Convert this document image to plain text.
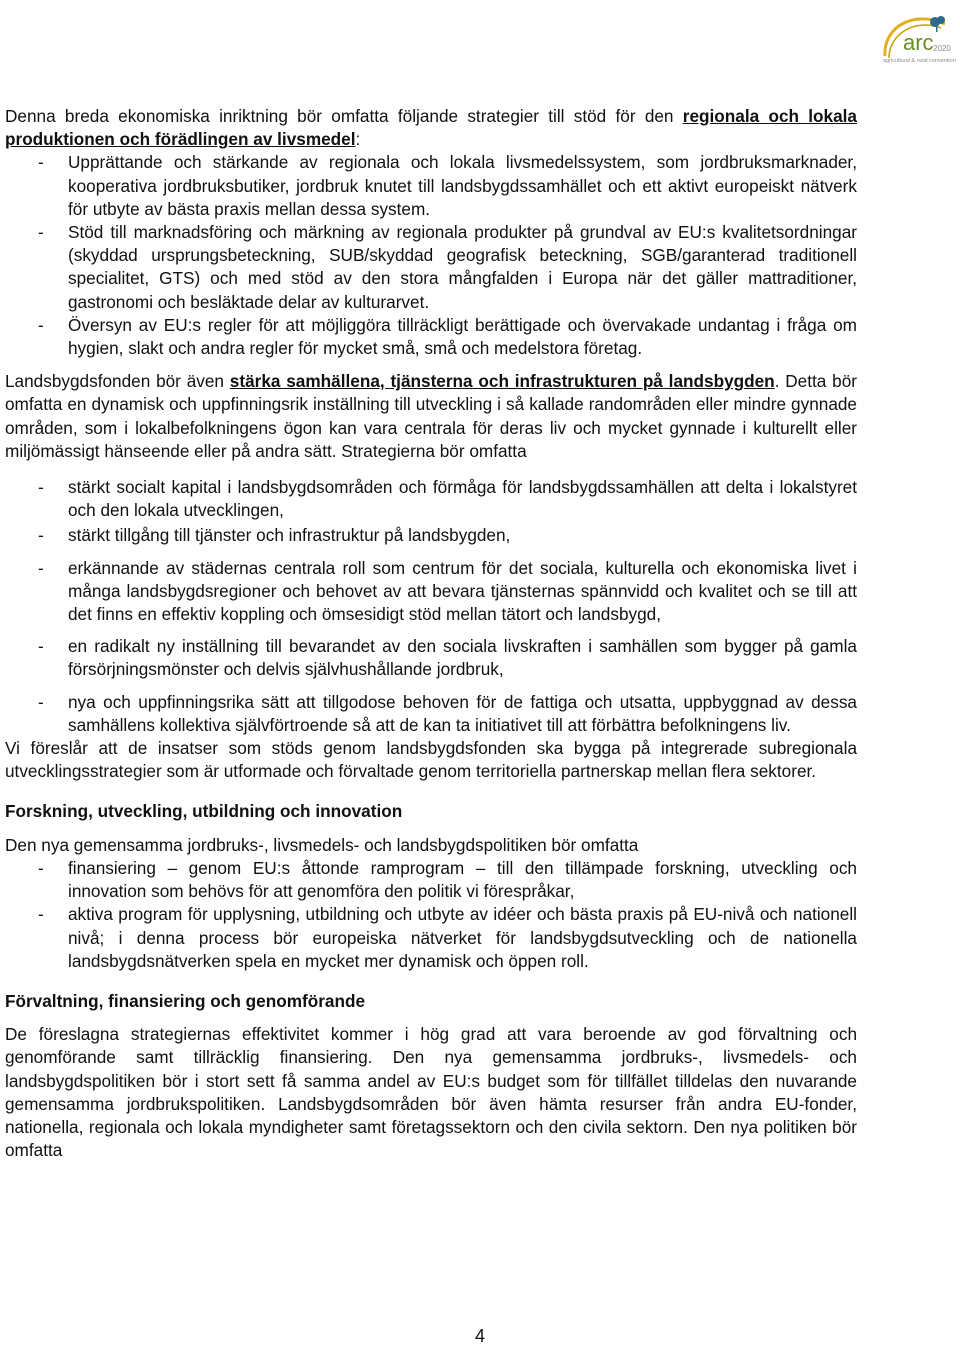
arc 2020
agricultural & rural convention

Denna breda ekonomiska inriktning bör omfatta följande strategier till stöd för den regionala och lokala produktionen och förädlingen av livsmedel:

- Upprättande och stärkande av regionala och lokala livsmedelssystem, som jordbruksmarknader, kooperativa jordbruksbutiker, jordbruk knutet till landsbygdssamhället och ett aktivt europeiskt nätverk för utbyte av bästa praxis mellan dessa system.
- Stöd till marknadsföring och märkning av regionala produkter på grundval av EU:s kvalitetsordningar (skyddad ursprungsbeteckning, SUB/skyddad geografisk beteckning, SGB/garanterad traditionell specialitet, GTS) och med stöd av den stora mångfalden i Europa när det gäller mattraditioner, gastronomi och besläktade delar av kulturarvet.
- Översyn av EU:s regler för att möjliggöra tillräckligt berättigade och övervakade undantag i fråga om hygien, slakt och andra regler för mycket små, små och medelstora företag.

Landsbygdsfonden bör även stärka samhällena, tjänsterna och infrastrukturen på landsbygden. Detta bör omfatta en dynamisk och uppfinningsrik inställning till utveckling i så kallade randområden eller mindre gynnade områden, som i lokalbefolkningens ögon kan vara centrala för deras liv och mycket gynnade i kulturellt eller miljömässigt hänseende eller på andra sätt. Strategierna bör omfatta

- stärkt socialt kapital i landsbygdsområden och förmåga för landsbygdssamhällen att delta i lokalstyret och den lokala utvecklingen,
- stärkt tillgång till tjänster och infrastruktur på landsbygden,
- erkännande av städernas centrala roll som centrum för det sociala, kulturella och ekonomiska livet i många landsbygdsregioner och behovet av att bevara tjänsternas spännvidd och kvalitet och se till att det finns en effektiv koppling och ömsesidigt stöd mellan tätort och landsbygd,
- en radikalt ny inställning till bevarandet av den sociala livskraften i samhällen som bygger på gamla försörjningsmönster och delvis självhushållande jordbruk,
- nya och uppfinningsrika sätt att tillgodose behoven för de fattiga och utsatta, uppbyggnad av dessa samhällens kollektiva självförtroende så att de kan ta initiativet till att förbättra befolkningens liv.

Vi föreslår att de insatser som stöds genom landsbygdsfonden ska bygga på integrerade subregionala utvecklingsstrategier som är utformade och förvaltade genom territoriella partnerskap mellan flera sektorer.

Forskning, utveckling, utbildning och innovation

Den nya gemensamma jordbruks-, livsmedels- och landsbygdspolitiken bör omfatta

- finansiering – genom EU:s åttonde ramprogram – till den tillämpade forskning, utveckling och innovation som behövs för att genomföra den politik vi förespråkar,
- aktiva program för upplysning, utbildning och utbyte av idéer och bästa praxis på EU-nivå och nationell nivå; i denna process bör europeiska nätverket för landsbygdsutveckling och de nationella landsbygdsnätverken spela en mycket mer dynamisk och öppen roll.
Förvaltning, finansiering och genomförande

De föreslagna strategiernas effektivitet kommer i hög grad att vara beroende av god förvaltning och genomförande samt tillräcklig finansiering. Den nya gemensamma jordbruks-, livsmedels- och landsbygdspolitiken bör i stort sett få samma andel av EU:s budget som för tillfället tilldelas den nuvarande gemensamma jordbrukspolitiken. Landsbygdsområden bör även hämta resurser från andra EU-fonder, nationella, regionala och lokala myndigheter samt företagssektorn och den civila sektorn. Den nya politiken bör omfatta

4
